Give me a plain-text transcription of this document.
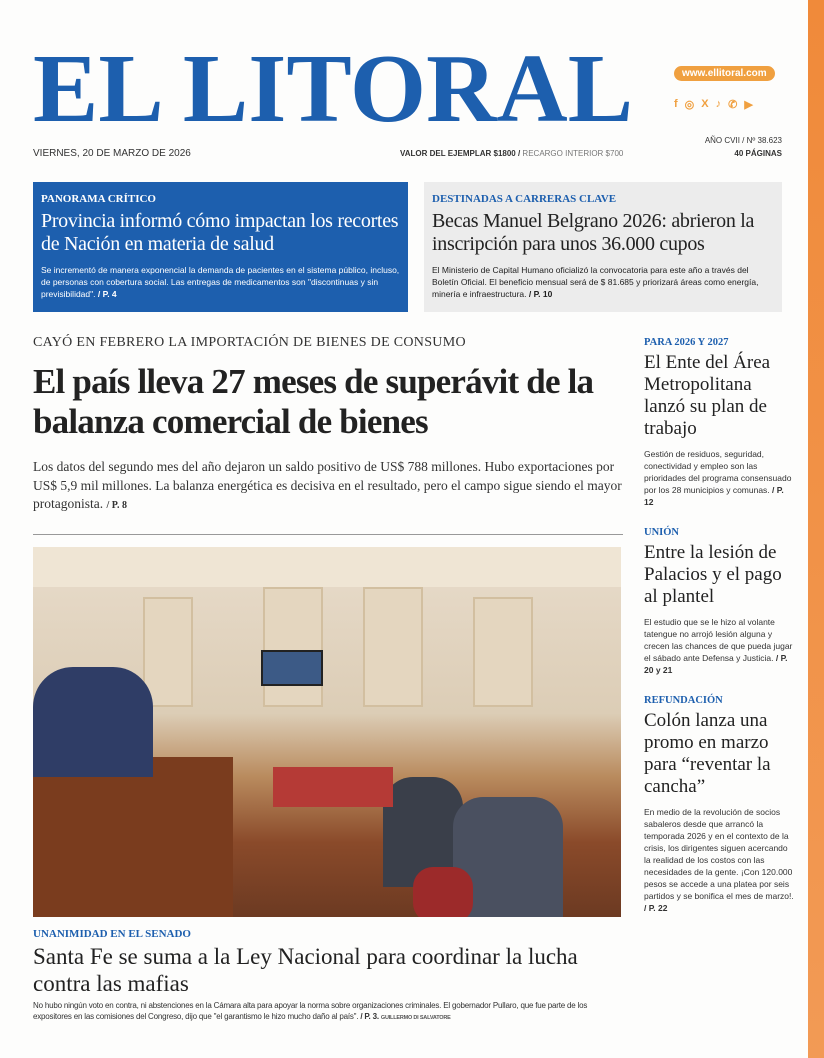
EL LITORAL	www.ellitoral.com
f ◎ X ♪ ✆ ▶
VIERNES, 20 DE MARZO DE 2026	VALOR DEL EJEMPLAR $1800 / RECARGO INTERIOR $700
AÑO CVII / Nº 38.623
40 PÁGINAS
PANORAMA CRÍTICO
Provincia informó cómo impactan los recortes de Nación en materia de salud
Se incrementó de manera exponencial la demanda de pacientes en el sistema público, incluso, de personas con cobertura social. Las entregas de medicamentos son "discontinuas y sin previsibilidad". / P. 4
DESTINADAS A CARRERAS CLAVE
Becas Manuel Belgrano 2026: abrieron la inscripción para unos 36.000 cupos
El Ministerio de Capital Humano oficializó la convocatoria para este año a través del Boletín Oficial. El beneficio mensual será de $ 81.685 y priorizará áreas como energía, minería e infraestructura. / P. 10
CAYÓ EN FEBRERO LA IMPORTACIÓN DE BIENES DE CONSUMO
El país lleva 27 meses de superávit de la balanza comercial de bienes
Los datos del segundo mes del año dejaron un saldo positivo de US$ 788 millones. Hubo exportaciones por US$ 5,9 mil millones. La balanza energética es decisiva en el resultado, pero el campo sigue siendo el mayor protagonista. / P. 8
UNANIMIDAD EN EL SENADO
Santa Fe se suma a la Ley Nacional para coordinar la lucha contra las mafias
No hubo ningún voto en contra, ni abstenciones en la Cámara alta para apoyar la norma sobre organizaciones criminales. El gobernador Pullaro, que fue parte de los expositores en las comisiones del Congreso, dijo que "el garantismo le hizo mucho daño al país". / P. 3. GUILLERMO DI SALVATORE
PARA 2026 Y 2027
El Ente del Área Metropolitana lanzó su plan de trabajo
Gestión de residuos, seguridad, conectividad y empleo son las prioridades del programa consensuado por los 28 municipios y comunas. / P. 12
UNIÓN
Entre la lesión de Palacios y el pago al plantel
El estudio que se le hizo al volante tatengue no arrojó lesión alguna y crecen las chances de que pueda jugar el sábado ante Defensa y Justicia. / P. 20 y 21
REFUNDACIÓN
Colón lanza una promo en marzo para “reventar la cancha”
En medio de la revolución de socios sabaleros desde que arrancó la temporada 2026 y en el contexto de la crisis, los dirigentes siguen acercando la realidad de los costos con las necesidades de la gente. ¡Con 120.000 pesos se accede a una platea por seis partidos y se bonifica el mes de marzo!. / P. 22
